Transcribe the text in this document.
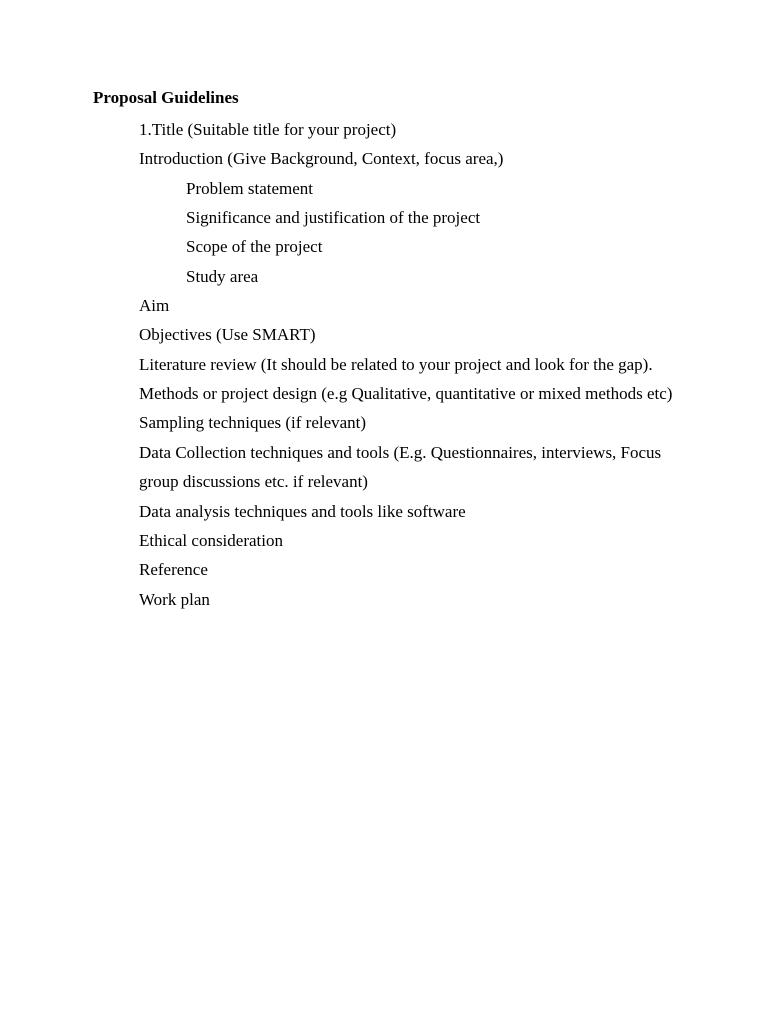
Proposal Guidelines
1.Title (Suitable title for your project)
Introduction (Give Background, Context, focus area,)
Problem statement
Significance and justification of the project
Scope of the project
Study area
Aim
Objectives (Use SMART)
Literature review (It should be related to your project and look for the gap).
Methods or project design (e.g Qualitative, quantitative or mixed methods etc)
Sampling techniques (if relevant)
Data Collection techniques and tools (E.g. Questionnaires, interviews, Focus
group discussions etc. if relevant)
Data analysis techniques and tools like software
Ethical consideration
Reference
Work plan
